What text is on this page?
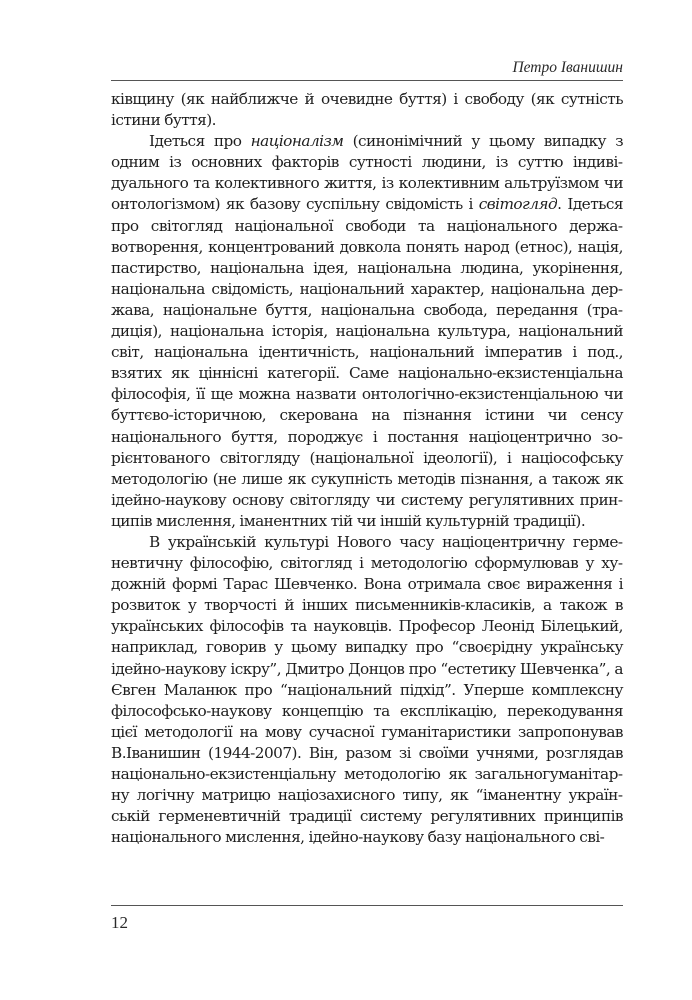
Петро Іванишин

ківщину (як найближче й очевидне буття) і свободу (як сутність істини буття).

Ідеться про націоналізм (синонімічний у цьому випадку з одним із основних факторів сутності людини, із суттю індивідуального та колективного життя, із колективним альтруїзмом чи онтологізмом) як базову суспільну свідомість і світогляд. Ідеться про світогляд національної свободи та національного державотворення, концентрований довкола понять народ (етнос), нація, пастирство, національна ідея, національна людина, укорінення, національна свідомість, національний характер, національна держава, національне буття, національна свобода, передання (традиція), національна історія, національна культура, національний світ, національна ідентичність, національний імператив і под., взятих як ціннісні категорії. Саме національно-екзистенціальна філософія, її ще можна назвати онтологічно-екзистенціальною чи буттєво-історичною, скерована на пізнання істини чи сенсу національного буття, породжує і постання націоцентрично зорієнтованого світогляду (національної ідеології), і націософську методологію (не лише як сукупність методів пізнання, а також як ідейно-наукову основу світогляду чи систему регулятивних принципів мислення, іманентних тій чи іншій культурній традиції).

В українській культурі Нового часу націоцентричну герменевтичну філософію, світогляд і методологію сформулював у художній формі Тарас Шевченко. Вона отримала своє вираження і розвиток у творчості й інших письменників-класиків, а також в українських філософів та науковців. Професор Леонід Білецький, наприклад, говорив у цьому випадку про “своєрідну українську ідейно-наукову іскру”, Дмитро Донцов про “естетику Шевченка”, а Євген Маланюк про “національний підхід”. Уперше комплексну філософсько-наукову концепцію та експлікацію, перекодування цієї методології на мову сучасної гуманітаристики запропонував В.Іванишин (1944-2007). Він, разом зі своїми учнями, розглядав національно-екзистенціальну методологію як загальногуманітарну логічну матрицю націозахисного типу, як “іманентну українській герменевтичній традиції систему регулятивних принципів національного мислення, ідейно-наукову базу національного сві-

12
